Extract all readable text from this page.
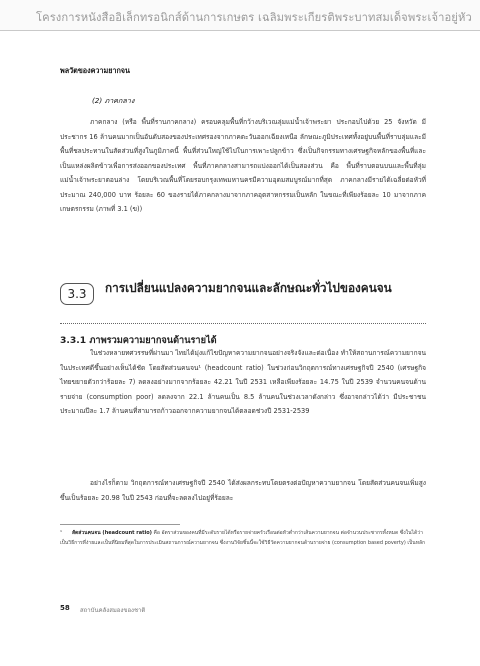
โครงการหนังสืออิเล็กทรอนิกส์ด้านการเกษตร เฉลิมพระเกียรติพระบาทสมเด็จพระเจ้าอยู่หัว
พลวัตของความยากจน
(2) ภาคกลาง
ภาคกลาง (หรือ พื้นที่ราบภาคกลาง) ครอบคลุมพื้นที่กว้างบริเวณลุ่มแม่น้ำเจ้าพระยา ประกอบไปด้วย 25 จังหวัด มีประชากร 16 ล้านคนมากเป็นอันดับสองของประเทศรองจากภาคตะวันออกเฉียงเหนือ ลักษณะภูมิประเทศทั้งอยู่บนพื้นที่ราบลุ่มและมีพื้นที่ชลประทานในสัดส่วนที่สูงในภูมิภาคนี้ พื้นที่ส่วนใหญ่ใช้ไปในการเพาะปลูกข้าว ซึ่งเป็นกิจกรรมทางเศรษฐกิจหลักของพื้นที่และเป็นแหล่งผลิตข้าวเพื่อการส่งออกของประเทศ พื้นที่ภาคกลางสามารถแบ่งออกได้เป็นสองส่วน คือ พื้นที่ราบตอนบนและพื้นที่ลุ่มแม่น้ำเจ้าพระยาตอนล่าง โดยบริเวณพื้นที่โดยรอบกรุงเทพมหานครมีความอุดมสมบูรณ์มากที่สุด ภาคกลางมีรายได้เฉลี่ยต่อหัวที่ประมาณ 240,000 บาท ร้อยละ 60 ของรายได้ภาคกลางมาจากภาคอุตสาหกรรมเป็นหลัก ในขณะที่เพียงร้อยละ 10 มาจากภาคเกษตรกรรม (ภาพที่ 3.1 (ข))
3.3	การเปลี่ยนแปลงความยากจนและลักษณะทั่วไปของคนจน
3.3.1 ภาพรวมความยากจนด้านรายได้
ในช่วงหลายทศวรรษที่ผ่านมา ไทยได้มุ่งแก้ไขปัญหาความยากจนอย่างจริงจังและต่อเนื่อง ทำให้สถานการณ์ความยากจนในประเทศดีขึ้นอย่างเห็นได้ชัด โดยสัดส่วนคนจน¹ (headcount ratio) ในช่วงก่อนวิกฤตการณ์ทางเศรษฐกิจปี 2540 (เศรษฐกิจไทยขยายตัวกว่าร้อยละ 7) ลดลงอย่างมากจากร้อยละ 42.21 ในปี 2531 เหลือเพียงร้อยละ 14.75 ในปี 2539 จำนวนคนจนด้านรายจ่าย (consumption poor) ลดลงจาก 22.1 ล้านคนเป็น 8.5 ล้านคนในช่วงเวลาดังกล่าว ซึ่งอาจกล่าวได้ว่า มีประชาชนประมาณปีละ 1.7 ล้านคนที่สามารถก้าวออกจากความยากจนได้ตลอดช่วงปี 2531-2539
อย่างไรก็ตาม วิกฤตการณ์ทางเศรษฐกิจปี 2540 ได้ส่งผลกระทบโดยตรงต่อปัญหาความยากจน โดยสัดส่วนคนจนเพิ่มสูงขึ้นเป็นร้อยละ 20.98 ในปี 2543 ก่อนที่จะลดลงไปอยู่ที่ร้อยละ
¹ สัดส่วนคนจน (headcount ratio) คือ อัตราส่วนของคนที่มีระดับรายได้หรือรายจ่ายครัวเรือนต่อหัวต่ำกว่าเส้นความยากจน ต่อจำนวนประชากรทั้งหมด ซึ่งในได้ว่าเป็นวิธีการที่ง่ายและเป็นที่นิยมที่สุดในการประเมินสถานการณ์ความยากจน ซึ่งงานวิจัยชิ้นนี้จะใช้วิธีวัดความยากจนด้านรายจ่าย (consumption based poverty) เป็นหลัก
58 สถาบันคลังสมองของชาติ
